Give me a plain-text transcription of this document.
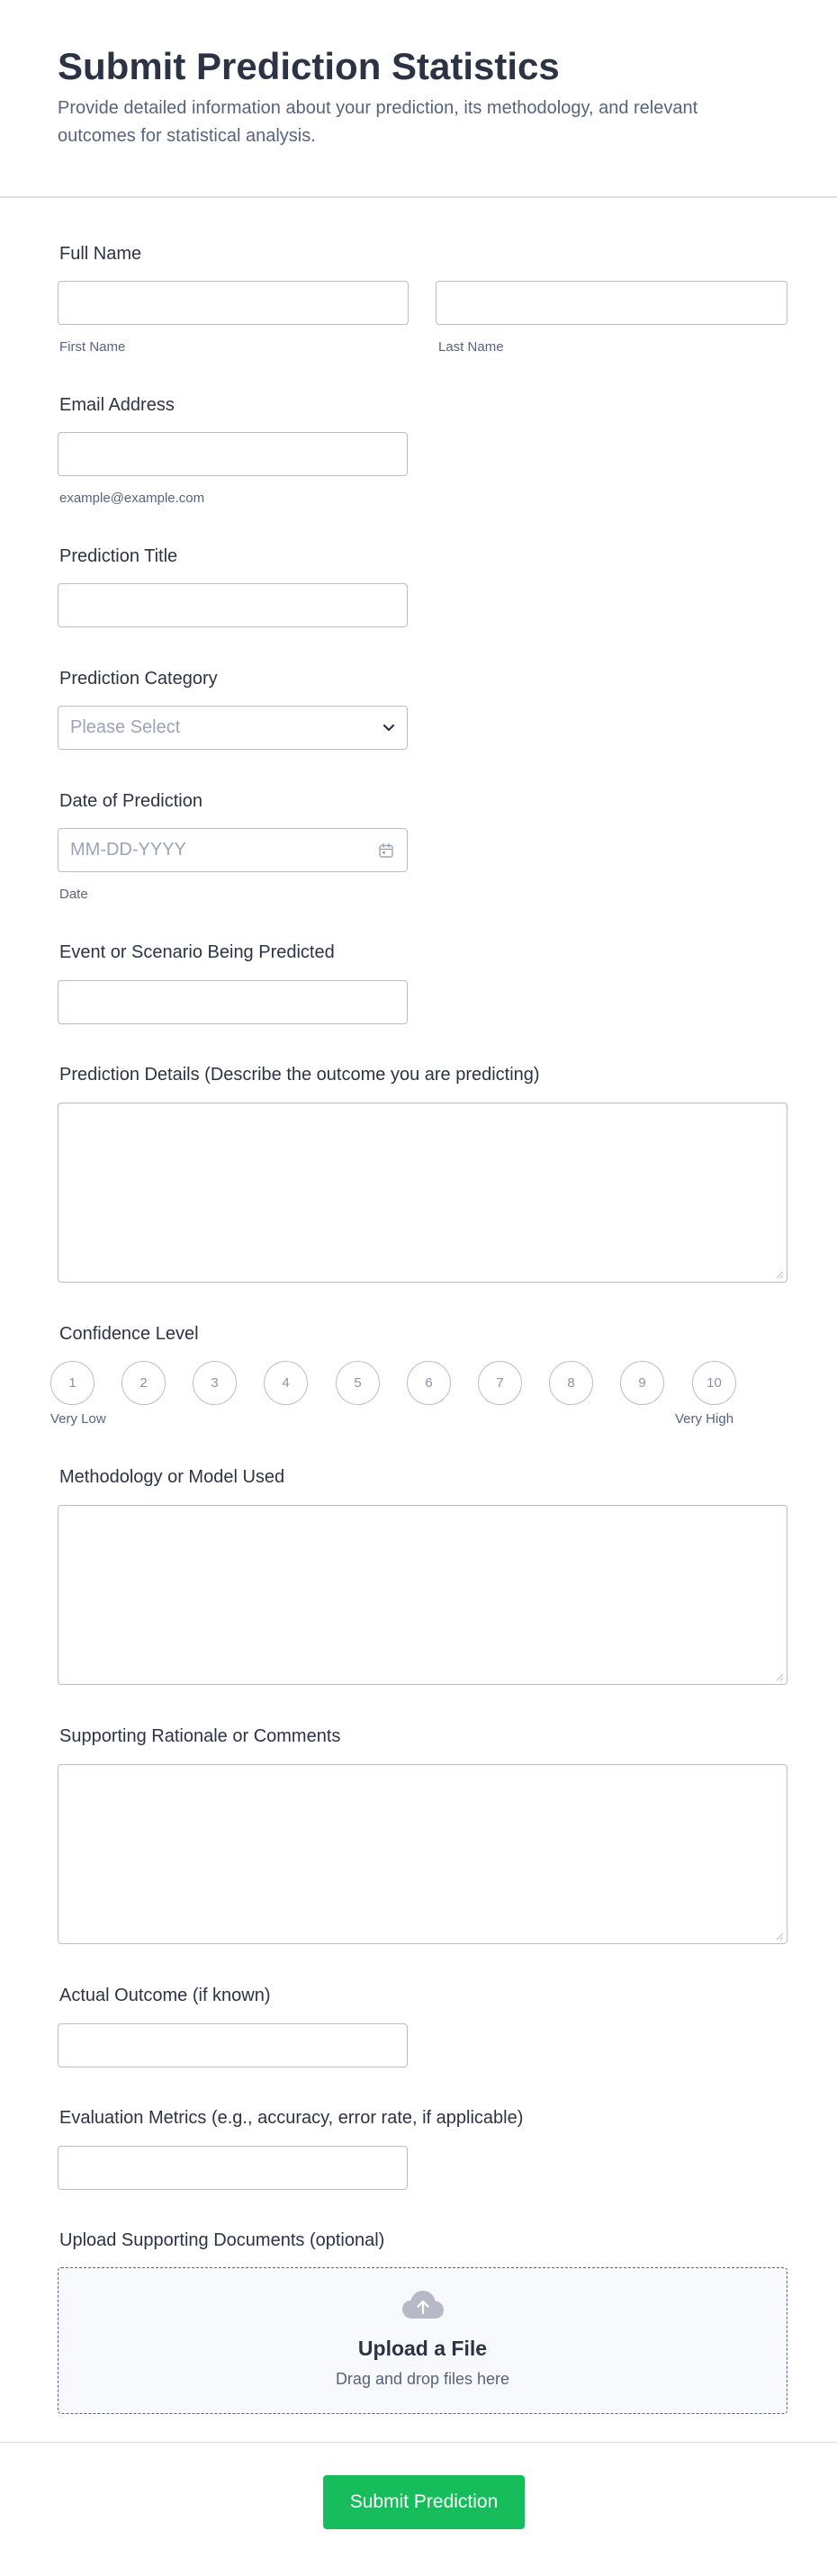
Submit Prediction Statistics

Provide detailed information about your prediction, its methodology, and relevant outcomes for statistical analysis.

Full Name
First Name	Last Name
Email Address
example@example.com
Prediction Title
Prediction Category
Please Select
Date of Prediction
MM-DD-YYYY
Date
Event or Scenario Being Predicted
Prediction Details (Describe the outcome you are predicting)
Confidence Level
1	2	3	4	5	6	7	8	9	10
Very Low	Very High
Methodology or Model Used
Supporting Rationale or Comments
Actual Outcome (if known)
Evaluation Metrics (e.g., accuracy, error rate, if applicable)
Upload Supporting Documents (optional)
Upload a File
Drag and drop files here
Submit Prediction
